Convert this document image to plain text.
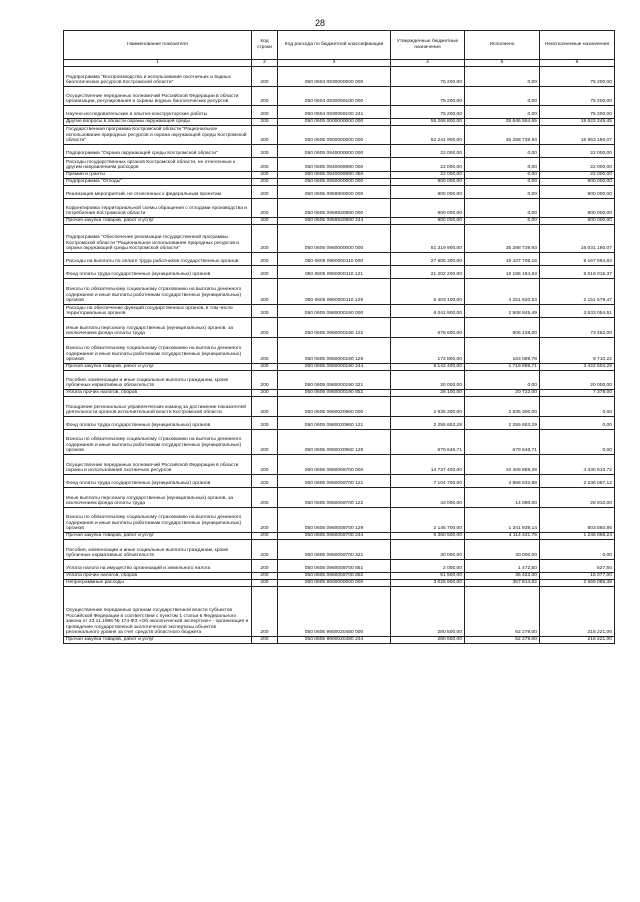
28
Наименование показателя	Код строки	Код расхода по бюджетной классификации	Утвержденные бюджетные назначения	Исполнено	Неисполненные назначения
1	2	3	4	5	6
Подпрограмма "Воспроизводство и использование охотничьих и водных биологических ресурсов Костромской области"	200	050 0604 0930000000 000	75 200,00	0,00	75 200,00
Осуществление переданных полномочий Российской Федерации в области организации, регулирования и охраны водных биологических ресурсов	200	050 0604 0930059100 000	75 200,00	0,00	75 200,00
Научно-исследовательские и опытно-конструкторские работы	200	050 0604 0930059100 241	75 200,00	0,00	75 200,00
Другие вопросы в области охраны окружающей среды	200	050 0605 0000000000 000	55 268 800,00	35 646 554,65	19 622 245,45
Государственная программа Костромской области "Рациональное использование природных ресурсов и охрана окружающей среды Костромской области"	200	050 0605 0900000000 000	52 241 900,00	35 288 739,93	16 953 160,07
Подпрограмма "Охрана окружающей среды Костромской области"	200	050 0605 0940000000 000	22 000,00	0,00	22 000,00
Расходы государственных органов Костромской области, не отнесенные к другим направлениям расходов	200	050 0605 0940099990 000	22 000,00	0,00	22 000,00
Премии и гранты	200	050 0605 0940099990 350	22 000,00	0,00	22 000,00
Подпрограмма "Отходы"	200	050 0605 0950000000 000	900 000,00	0,00	900 000,00
Реализация мероприятий, не отнесенных к федеральным проектам	200	050 0605 0959900000 000	900 000,00	0,00	900 000,00
Корректировка территориальной схемы обращения с отходами производства и потребления Костромской области	200	050 0605 0959920890 000	900 000,00	0,00	900 000,00
Прочая закупка товаров, работ и услуг	200	050 0605 0959920890 244	900 000,00	0,00	900 000,00
Подпрограмма "Обеспечение реализации государственной программы Костромской области "Рациональное использование природных ресурсов и охрана окружающей среды Костромской области"	200	050 0605 0960000000 000	51 319 900,00	35 288 739,93	16 031 160,07
Расходы на выплаты по оплате труда работников государственных органов	200	050 0605 0960000110 000	27 605 300,00	19 437 705,16	8 167 594,84
Фонд оплаты труда государственных (муниципальных) органов	200	050 0605 0960000110 121	21 202 200,00	15 186 184,63	6 016 015,37
Взносы по обязательному социальному страхованию на выплаты денежного содержания и иные выплаты работникам государственных (муниципальных) органов	200	050 0605 0960000110 129	6 403 100,00	4 251 520,53	2 151 579,47
Расходы на обеспечение функций государственных органов, в том числе территориальных органов	200	050 0605 0960000190 000	6 041 900,00	2 508 845,49	3 533 054,51
Иные выплаты персоналу государственных (муниципальных) органов, за исключением фонда оплаты труда	200	050 0605 0960000190 122	678 600,00	605 138,00	73 462,00
Взносы по обязательному социальному страхованию на выплаты денежного содержания и иные выплаты работникам государственных (муниципальных) органов	200	050 0605 0960000190 129	172 800,00	163 089,78	9 710,22
Прочая закупка товаров, работ и услуг	200	050 0605 0960000190 244	5 142 400,00	1 719 895,71	3 422 504,29
Пособия, компенсации и иные социальные выплаты гражданам, кроме публичных нормативных обязательств	200	050 0605 0960000190 321	20 000,00	0,00	20 000,00
Уплата прочих налогов, сборов	200	050 0605 0960000190 852	28 100,00	20 722,00	7 378,00
Поощрение региональных управленческих команд за достижение показателей деятельности органов исполнительной власти Костромской области	200	050 0605 0960020960 000	2 935 300,00	2 935 300,00	0,00
Фонд оплаты труда государственных (муниципальных) органов	200	050 0605 0960020960 121	2 255 653,29	2 255 653,29	0,00
Взносы по обязательному социальному страхованию на выплаты денежного содержания и иные выплаты работникам государственных (муниципальных) органов	200	050 0605 0960020960 129	679 646,71	679 646,71	0,00
Осуществление переданных полномочий Российской Федерации в области охраны и использования охотничьих ресурсов	200	050 0605 0960059700 000	14 737 400,00	10 406 889,28	4 330 510,72
Фонд оплаты труда государственных (муниципальных) органов	200	050 0605 0960059700 121	7 104 700,00	4 868 632,88	2 236 067,12
Иные выплаты персоналу государственных (муниципальных) органов, за исключением фонда оплаты труда	200	050 0605 0960059700 122	43 000,00	14 090,00	28 910,00
Взносы по обязательному социальному страхованию на выплаты денежного содержания и иные выплаты работникам государственных (муниципальных) органов	200	050 0605 0960059700 129	2 145 700,00	1 341 839,14	803 860,86
Прочая закупка товаров, работ и услуг	200	050 0605 0960059700 244	5 360 500,00	4 114 431,76	1 246 068,24
Пособия, компенсации и иные социальные выплаты гражданам, кроме публичных нормативных обязательств	200	050 0605 0960059700 321	30 000,00	30 000,00	0,00
Уплата налога на имущество организаций и земельного налога	200	050 0605 0960059700 851	2 000,00	1 472,50	527,50
Уплата прочих налогов, сборов	200	050 0605 0960059700 852	51 500,00	36 423,00	15 077,00
Непрограммные расходы	200	050 0605 9900000000 000	3 026 900,00	357 814,62	2 669 085,38
Осуществление переданных органам государственной власти субъектов Российской Федерации в соответствии с пунктом 1 статьи 6 Федерального закона от 23.11.1995 № 174-ФЗ «Об экологической экспертизе» - организация и проведение государственной экологической экспертизы объектов регионального уровня за счет средств областного бюджета	200	050 0605 9900020480 000	280 500,00	62 279,00	218 221,00
Прочая закупка товаров, работ и услуг	200	050 0605 9900020480 244	280 500,00	62 279,00	218 221,00
